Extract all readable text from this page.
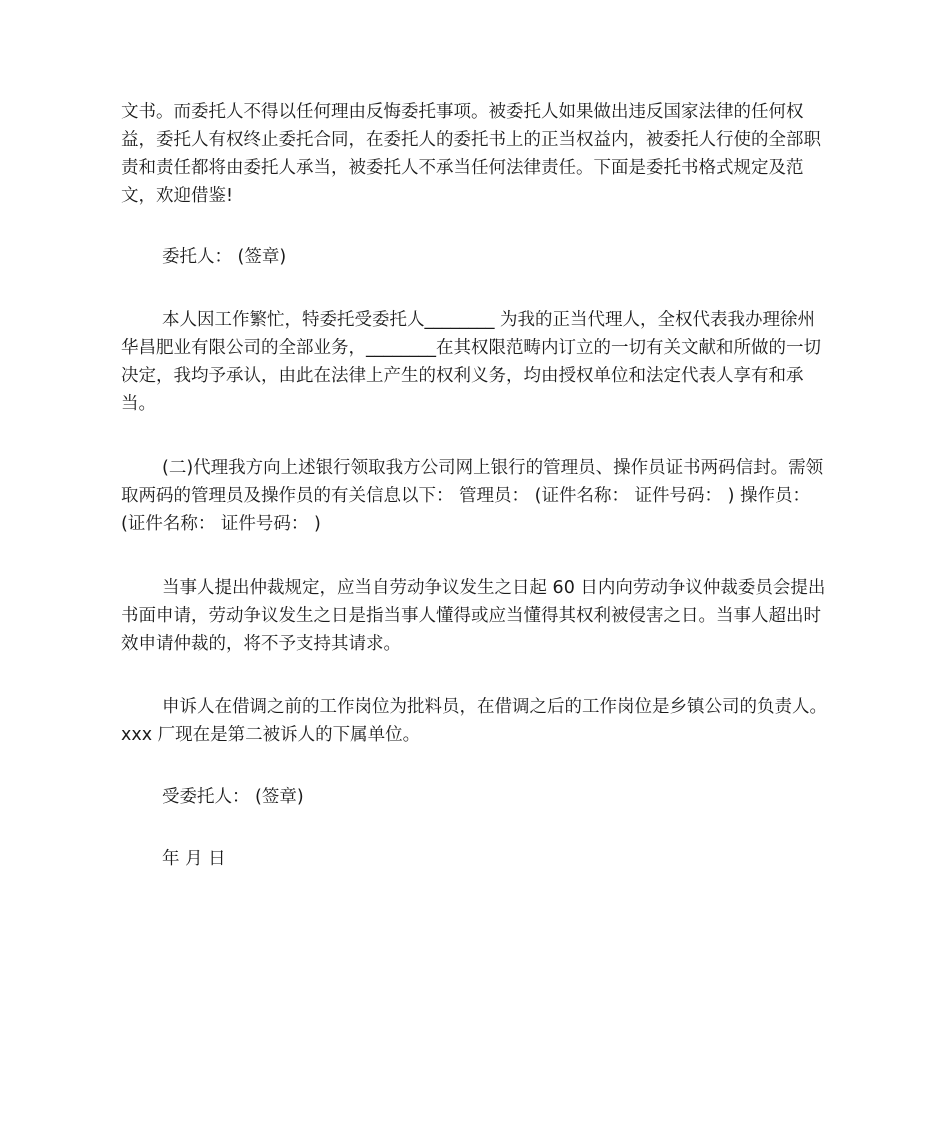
文书。而委托人不得以任何理由反悔委托事项。被委托人如果做出违反国家法律的任何权益，委托人有权终止委托合同，在委托人的委托书上的正当权益内，被委托人行使的全部职责和责任都将由委托人承当，被委托人不承当任何法律责任。下面是委托书格式规定及范文，欢迎借鉴!

委托人： (签章)

本人因工作繁忙，特委托受委托人________ 为我的正当代理人，全权代表我办理徐州 华昌肥业有限公司的全部业务，________在其权限范畴内订立的一切有关文献和所做的一切决定，我均予承认，由此在法律上产生的权利义务，均由授权单位和法定代表人享有和承当。

(二)代理我方向上述银行领取我方公司网上银行的管理员、操作员证书两码信封。需领取两码的管理员及操作员的有关信息以下： 管理员： (证件名称： 证件号码： ) 操作员： (证件名称： 证件号码： )

当事人提出仲裁规定，应当自劳动争议发生之日起 60 日内向劳动争议仲裁委员会提出书面申请，劳动争议发生之日是指当事人懂得或应当懂得其权利被侵害之日。当事人超出时效申请仲裁的，将不予支持其请求。

申诉人在借调之前的工作岗位为批料员，在借调之后的工作岗位是乡镇公司的负责人。xxx 厂现在是第二被诉人的下属单位。

受委托人： (签章)

年 月 日
